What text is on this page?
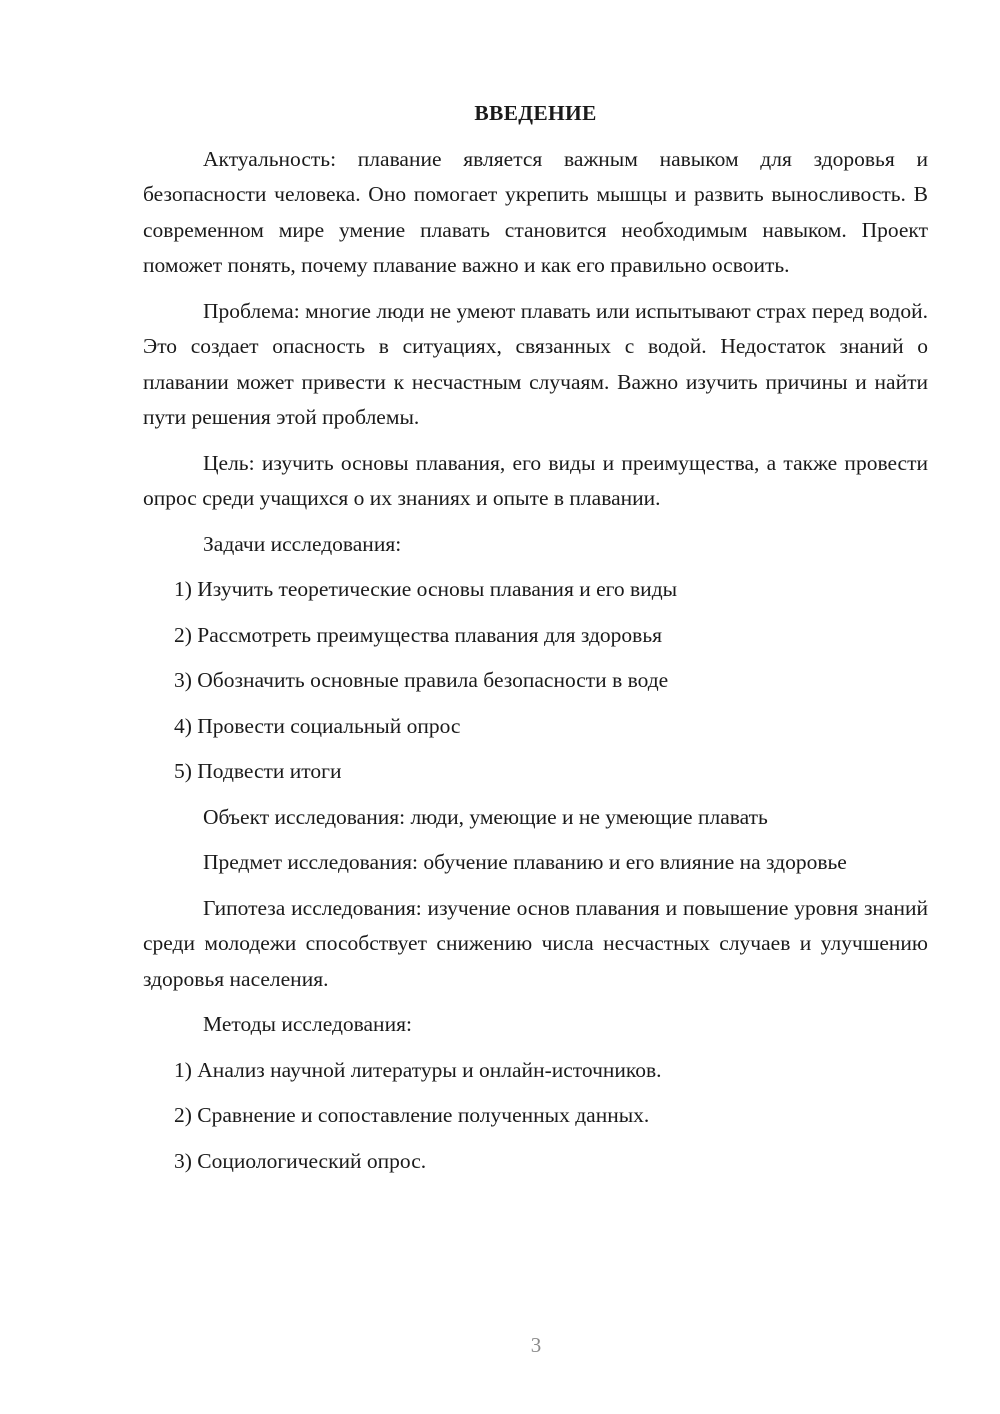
ВВЕДЕНИЕ

Актуальность: плавание является важным навыком для здоровья и безопасности человека. Оно помогает укрепить мышцы и развить выносливость. В современном мире умение плавать становится необходимым навыком. Проект поможет понять, почему плавание важно и как его правильно освоить.

Проблема: многие люди не умеют плавать или испытывают страх перед водой. Это создает опасность в ситуациях, связанных с водой. Недостаток знаний о плавании может привести к несчастным случаям. Важно изучить причины и найти пути решения этой проблемы.

Цель: изучить основы плавания, его виды и преимущества, а также провести опрос среди учащихся о их знаниях и опыте в плавании.

Задачи исследования:

1) Изучить теоретические основы плавания и его виды

2) Рассмотреть преимущества плавания для здоровья

3) Обозначить основные правила безопасности в воде

4) Провести социальный опрос

5) Подвести итоги

Объект исследования: люди, умеющие и не умеющие плавать

Предмет исследования: обучение плаванию и его влияние на здоровье

Гипотеза исследования: изучение основ плавания и повышение уровня знаний среди молодежи способствует снижению числа несчастных случаев и улучшению здоровья населения.

Методы исследования:

1) Анализ научной литературы и онлайн-источников.

2) Сравнение и сопоставление полученных данных.

3) Социологический опрос.

3
